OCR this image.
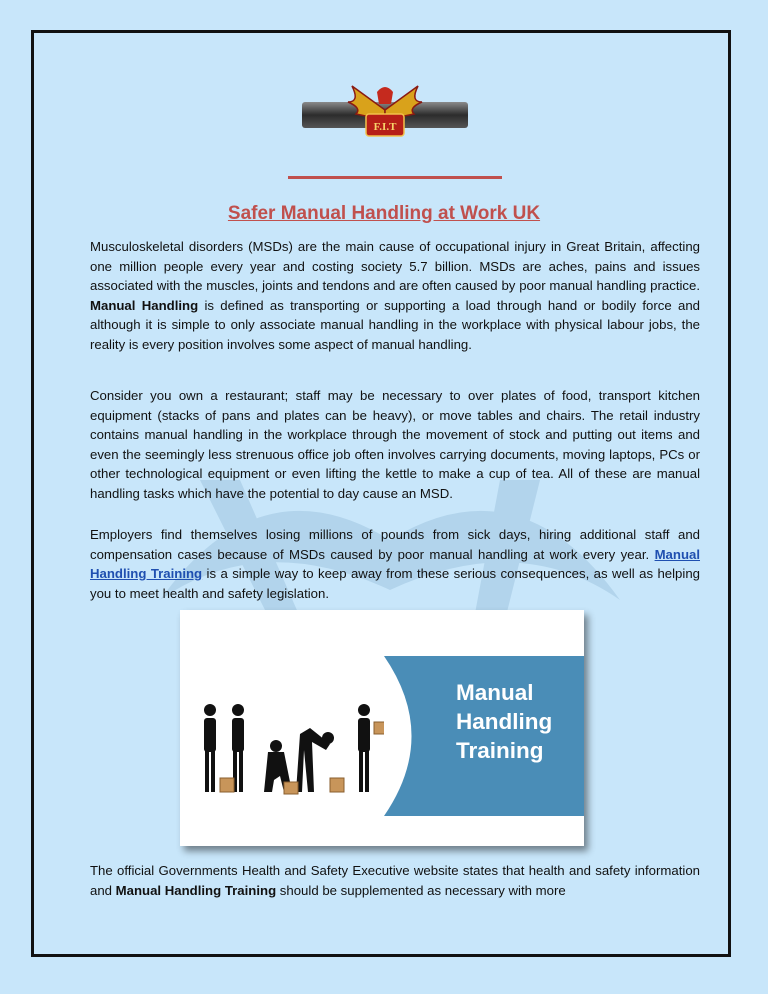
F.I.T
Safer Manual Handling at Work UK

Musculoskeletal disorders (MSDs) are the main cause of occupational injury in Great Britain, affecting one million people every year and costing society 5.7 billion. MSDs are aches, pains and issues associated with the muscles, joints and tendons and are often caused by poor manual handling practice. Manual Handling is defined as transporting or supporting a load through hand or bodily force and although it is simple to only associate manual handling in the workplace with physical labour jobs, the reality is every position involves some aspect of manual handling.

Consider you own a restaurant; staff may be necessary to over plates of food, transport kitchen equipment (stacks of pans and plates can be heavy), or move tables and chairs. The retail industry contains manual handling in the workplace through the movement of stock and putting out items and even the seemingly less strenuous office job often involves carrying documents, moving laptops, PCs or other technological equipment or even lifting the kettle to make a cup of tea. All of these are manual handling tasks which have the potential to day cause an MSD.

Employers find themselves losing millions of pounds from sick days, hiring additional staff and compensation cases because of MSDs caused by poor manual handling at work every year. Manual Handling Training is a simple way to keep away from these serious consequences, as well as helping you to meet health and safety legislation.

Manual
Handling
Training

The official Governments Health and Safety Executive website states that health and safety information and Manual Handling Training should be supplemented as necessary with more
